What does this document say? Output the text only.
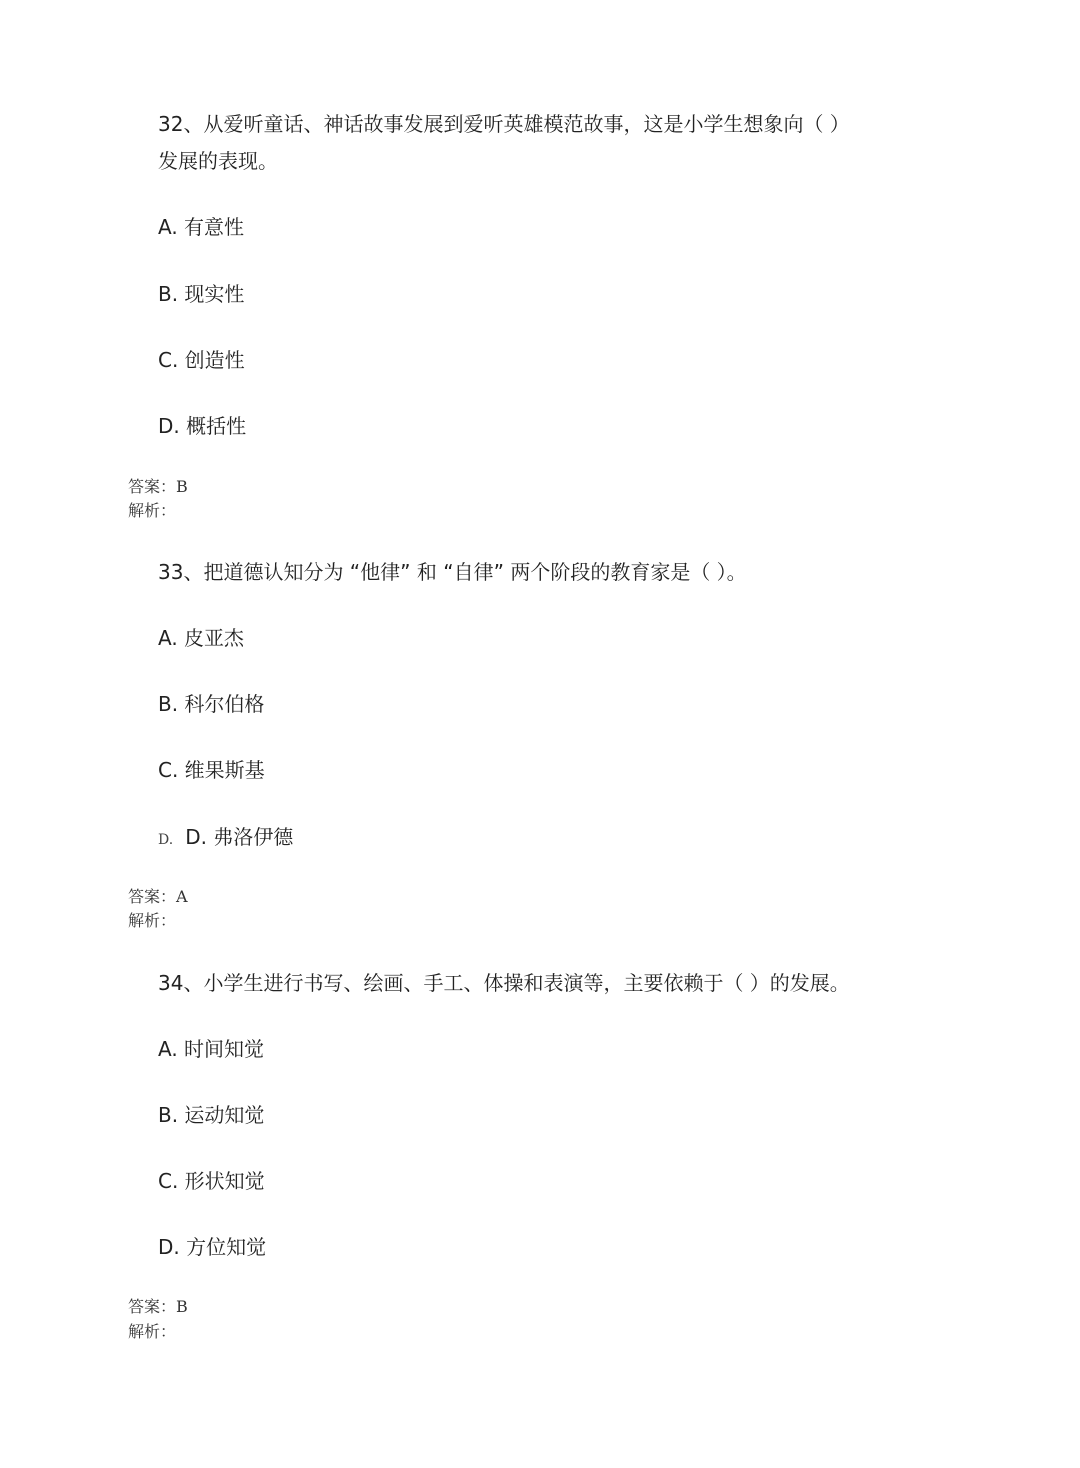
32、从爱听童话、神话故事发展到爱听英雄模范故事，这是小学生想象向（ ）
发展的表现。
A. 有意性
B. 现实性
C. 创造性
D. 概括性
答案：B
解析：
33、把道德认知分为 “他律” 和 “自律” 两个阶段的教育家是（ ）。
A. 皮亚杰
B. 科尔伯格
C. 维果斯基
D. D. 弗洛伊德
答案：A
解析：
34、小学生进行书写、绘画、手工、体操和表演等，主要依赖于（ ）的发展。
A. 时间知觉
B. 运动知觉
C. 形状知觉
D. 方位知觉
答案：B
解析：
